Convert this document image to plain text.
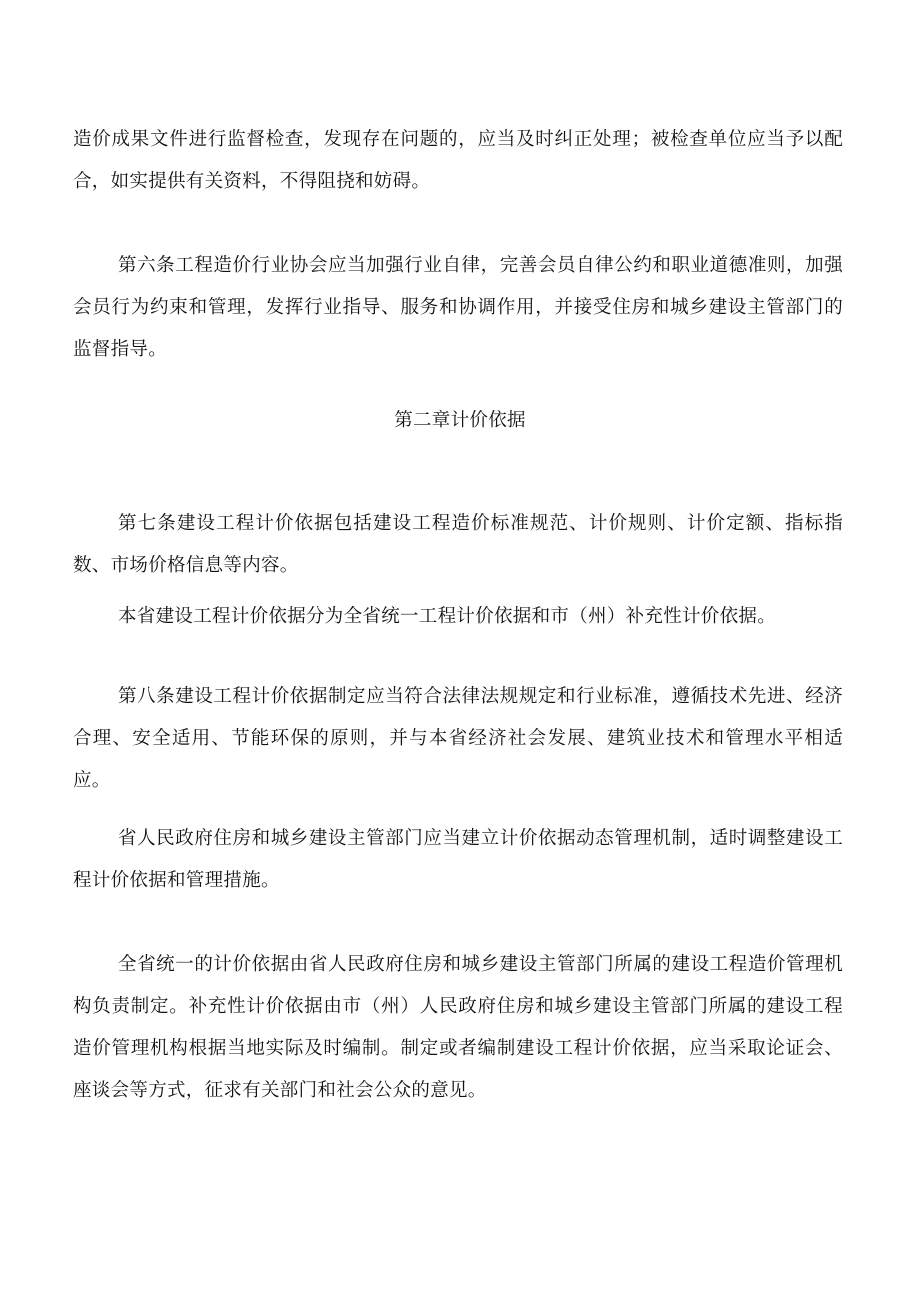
造价成果文件进行监督检查，发现存在问题的，应当及时纠正处理；被检查单位应当予以配合，如实提供有关资料，不得阻挠和妨碍。

第六条工程造价行业协会应当加强行业自律，完善会员自律公约和职业道德准则，加强会员行为约束和管理，发挥行业指导、服务和协调作用，并接受住房和城乡建设主管部门的监督指导。

第二章计价依据

第七条建设工程计价依据包括建设工程造价标准规范、计价规则、计价定额、指标指数、市场价格信息等内容。

本省建设工程计价依据分为全省统一工程计价依据和市（州）补充性计价依据。

第八条建设工程计价依据制定应当符合法律法规规定和行业标准，遵循技术先进、经济合理、安全适用、节能环保的原则，并与本省经济社会发展、建筑业技术和管理水平相适应。

省人民政府住房和城乡建设主管部门应当建立计价依据动态管理机制，适时调整建设工程计价依据和管理措施。

全省统一的计价依据由省人民政府住房和城乡建设主管部门所属的建设工程造价管理机构负责制定。补充性计价依据由市（州）人民政府住房和城乡建设主管部门所属的建设工程造价管理机构根据当地实际及时编制。制定或者编制建设工程计价依据，应当采取论证会、座谈会等方式，征求有关部门和社会公众的意见。
